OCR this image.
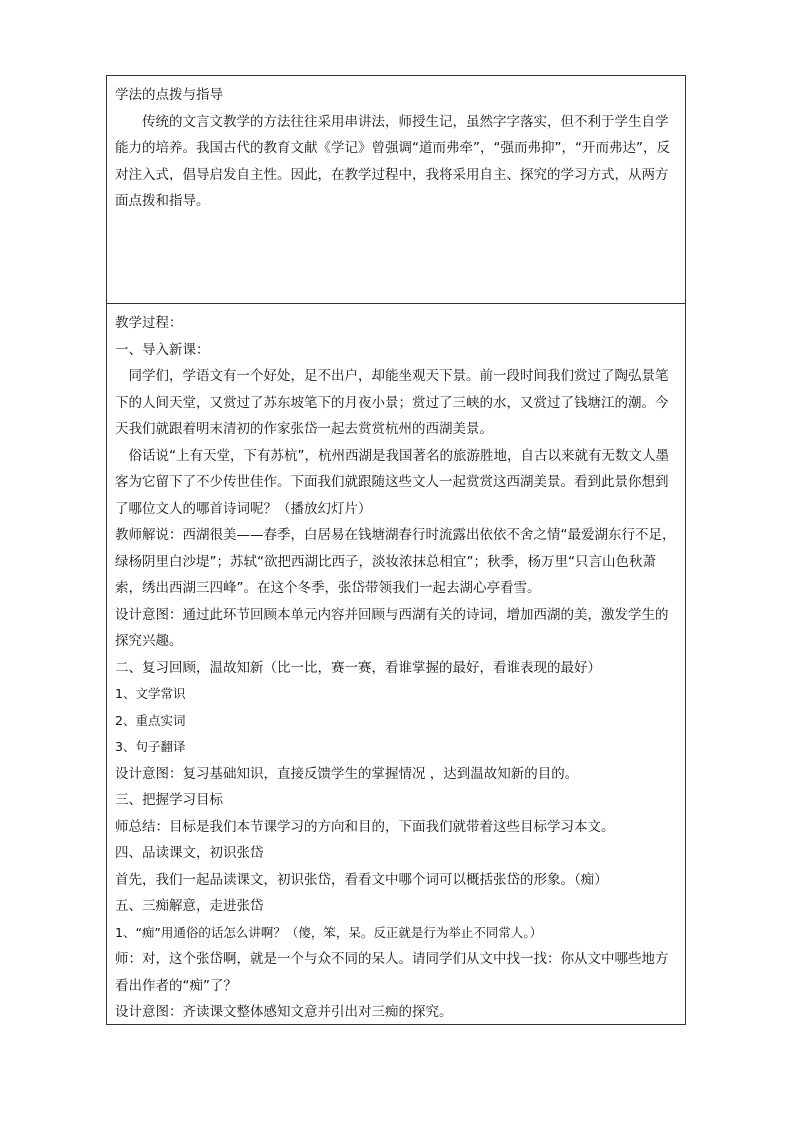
学法的点拨与指导

传统的文言文教学的方法往往采用串讲法，师授生记，虽然字字落实，但不利于学生自学能力的培养。我国古代的教育文献《学记》曾强调“道而弗牵”，“强而弗抑”，“开而弗达”，反对注入式，倡导启发自主性。因此，在教学过程中，我将采用自主、探究的学习方式，从两方面点拨和指导。

教学过程：

一、导入新课：

同学们，学语文有一个好处，足不出户，却能坐观天下景。前一段时间我们赏过了陶弘景笔下的人间天堂，又赏过了苏东坡笔下的月夜小景；赏过了三峡的水，又赏过了钱塘江的潮。今天我们就跟着明末清初的作家张岱一起去赏赏杭州的西湖美景。

俗话说“上有天堂，下有苏杭”，杭州西湖是我国著名的旅游胜地，自古以来就有无数文人墨客为它留下了不少传世佳作。下面我们就跟随这些文人一起赏赏这西湖美景。看到此景你想到了哪位文人的哪首诗词呢？（播放幻灯片）

教师解说：西湖很美——春季，白居易在钱塘湖春行时流露出依依不舍之情“最爱湖东行不足，绿杨阴里白沙堤”；苏轼“欲把西湖比西子，淡妆浓抹总相宜”；秋季，杨万里“只言山色秋萧索，绣出西湖三四峰”。在这个冬季，张岱带领我们一起去湖心亭看雪。

设计意图：通过此环节回顾本单元内容并回顾与西湖有关的诗词，增加西湖的美，激发学生的探究兴趣。

二、复习回顾，温故知新（比一比，赛一赛，看谁掌握的最好，看谁表现的最好）

1、文学常识

2、重点实词

3、句子翻译

设计意图：复习基础知识，直接反馈学生的掌握情况 ，达到温故知新的目的。

三、把握学习目标

师总结：目标是我们本节课学习的方向和目的，下面我们就带着这些目标学习本文。

四、品读课文，初识张岱

首先，我们一起品读课文，初识张岱，看看文中哪个词可以概括张岱的形象。（痴）

五、三痴解意，走进张岱

1、“痴”用通俗的话怎么讲啊？（傻，笨，呆。反正就是行为举止不同常人。）

师：对，这个张岱啊，就是一个与众不同的呆人。请同学们从文中找一找：你从文中哪些地方看出作者的“痴”了？

设计意图：齐读课文整体感知文意并引出对三痴的探究。
